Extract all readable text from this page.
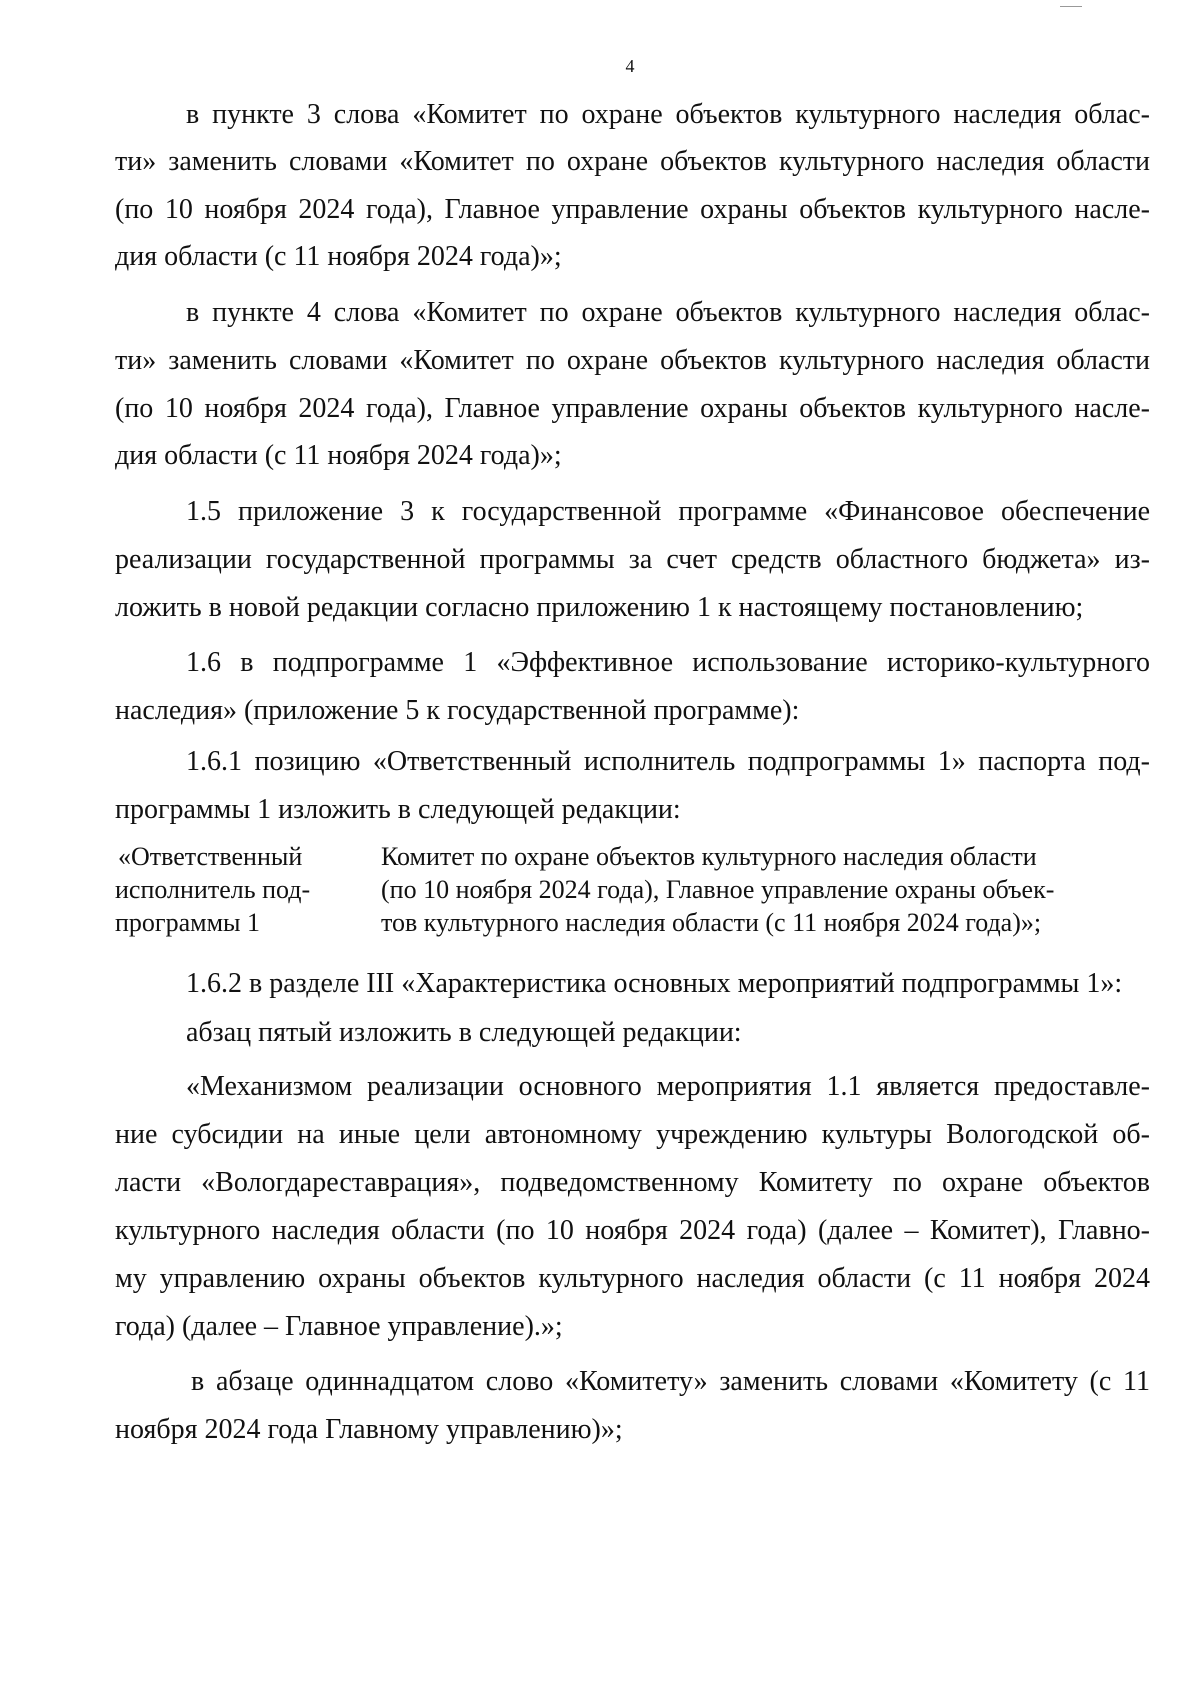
4

в пункте 3 слова «Комитет по охране объектов культурного наследия облас-

ти» заменить словами «Комитет по охране объектов культурного наследия области

(по 10 ноября 2024 года), Главное управление охраны объектов культурного насле-

дия области (с 11 ноября 2024 года)»;

в пункте 4 слова «Комитет по охране объектов культурного наследия облас-

ти» заменить словами «Комитет по охране объектов культурного наследия области

(по 10 ноября 2024 года), Главное управление охраны объектов культурного насле-

дия области (с 11 ноября 2024 года)»;

1.5 приложение 3 к государственной программе «Финансовое обеспечение

реализации государственной программы за счет средств областного бюджета» из-

ложить в новой редакции согласно приложению 1 к настоящему постановлению;

1.6 в подпрограмме 1 «Эффективное использование историко-культурного

наследия» (приложение 5 к государственной программе):

1.6.1 позицию «Ответственный исполнитель подпрограммы 1» паспорта под-

программы 1 изложить в следующей редакции:

«Ответственный

исполнитель под-

программы 1

Комитет по охране объектов культурного наследия области

(по 10 ноября 2024 года), Главное управление охраны объек-

тов культурного наследия области (с 11 ноября 2024 года)»;

1.6.2 в разделе III «Характеристика основных мероприятий подпрограммы 1»:

абзац пятый изложить в следующей редакции:

«Механизмом реализации основного мероприятия 1.1 является предоставле-

ние субсидии на иные цели автономному учреждению культуры Вологодской об-

ласти «Вологдареставрация», подведомственному Комитету по охране объектов

культурного наследия области (по 10 ноября 2024 года) (далее – Комитет), Главно-

му управлению охраны объектов культурного наследия области (с 11 ноября 2024

года) (далее – Главное управление).»;

в абзаце одиннадцатом слово «Комитету» заменить словами «Комитету (с 11

ноября 2024 года Главному управлению)»;
